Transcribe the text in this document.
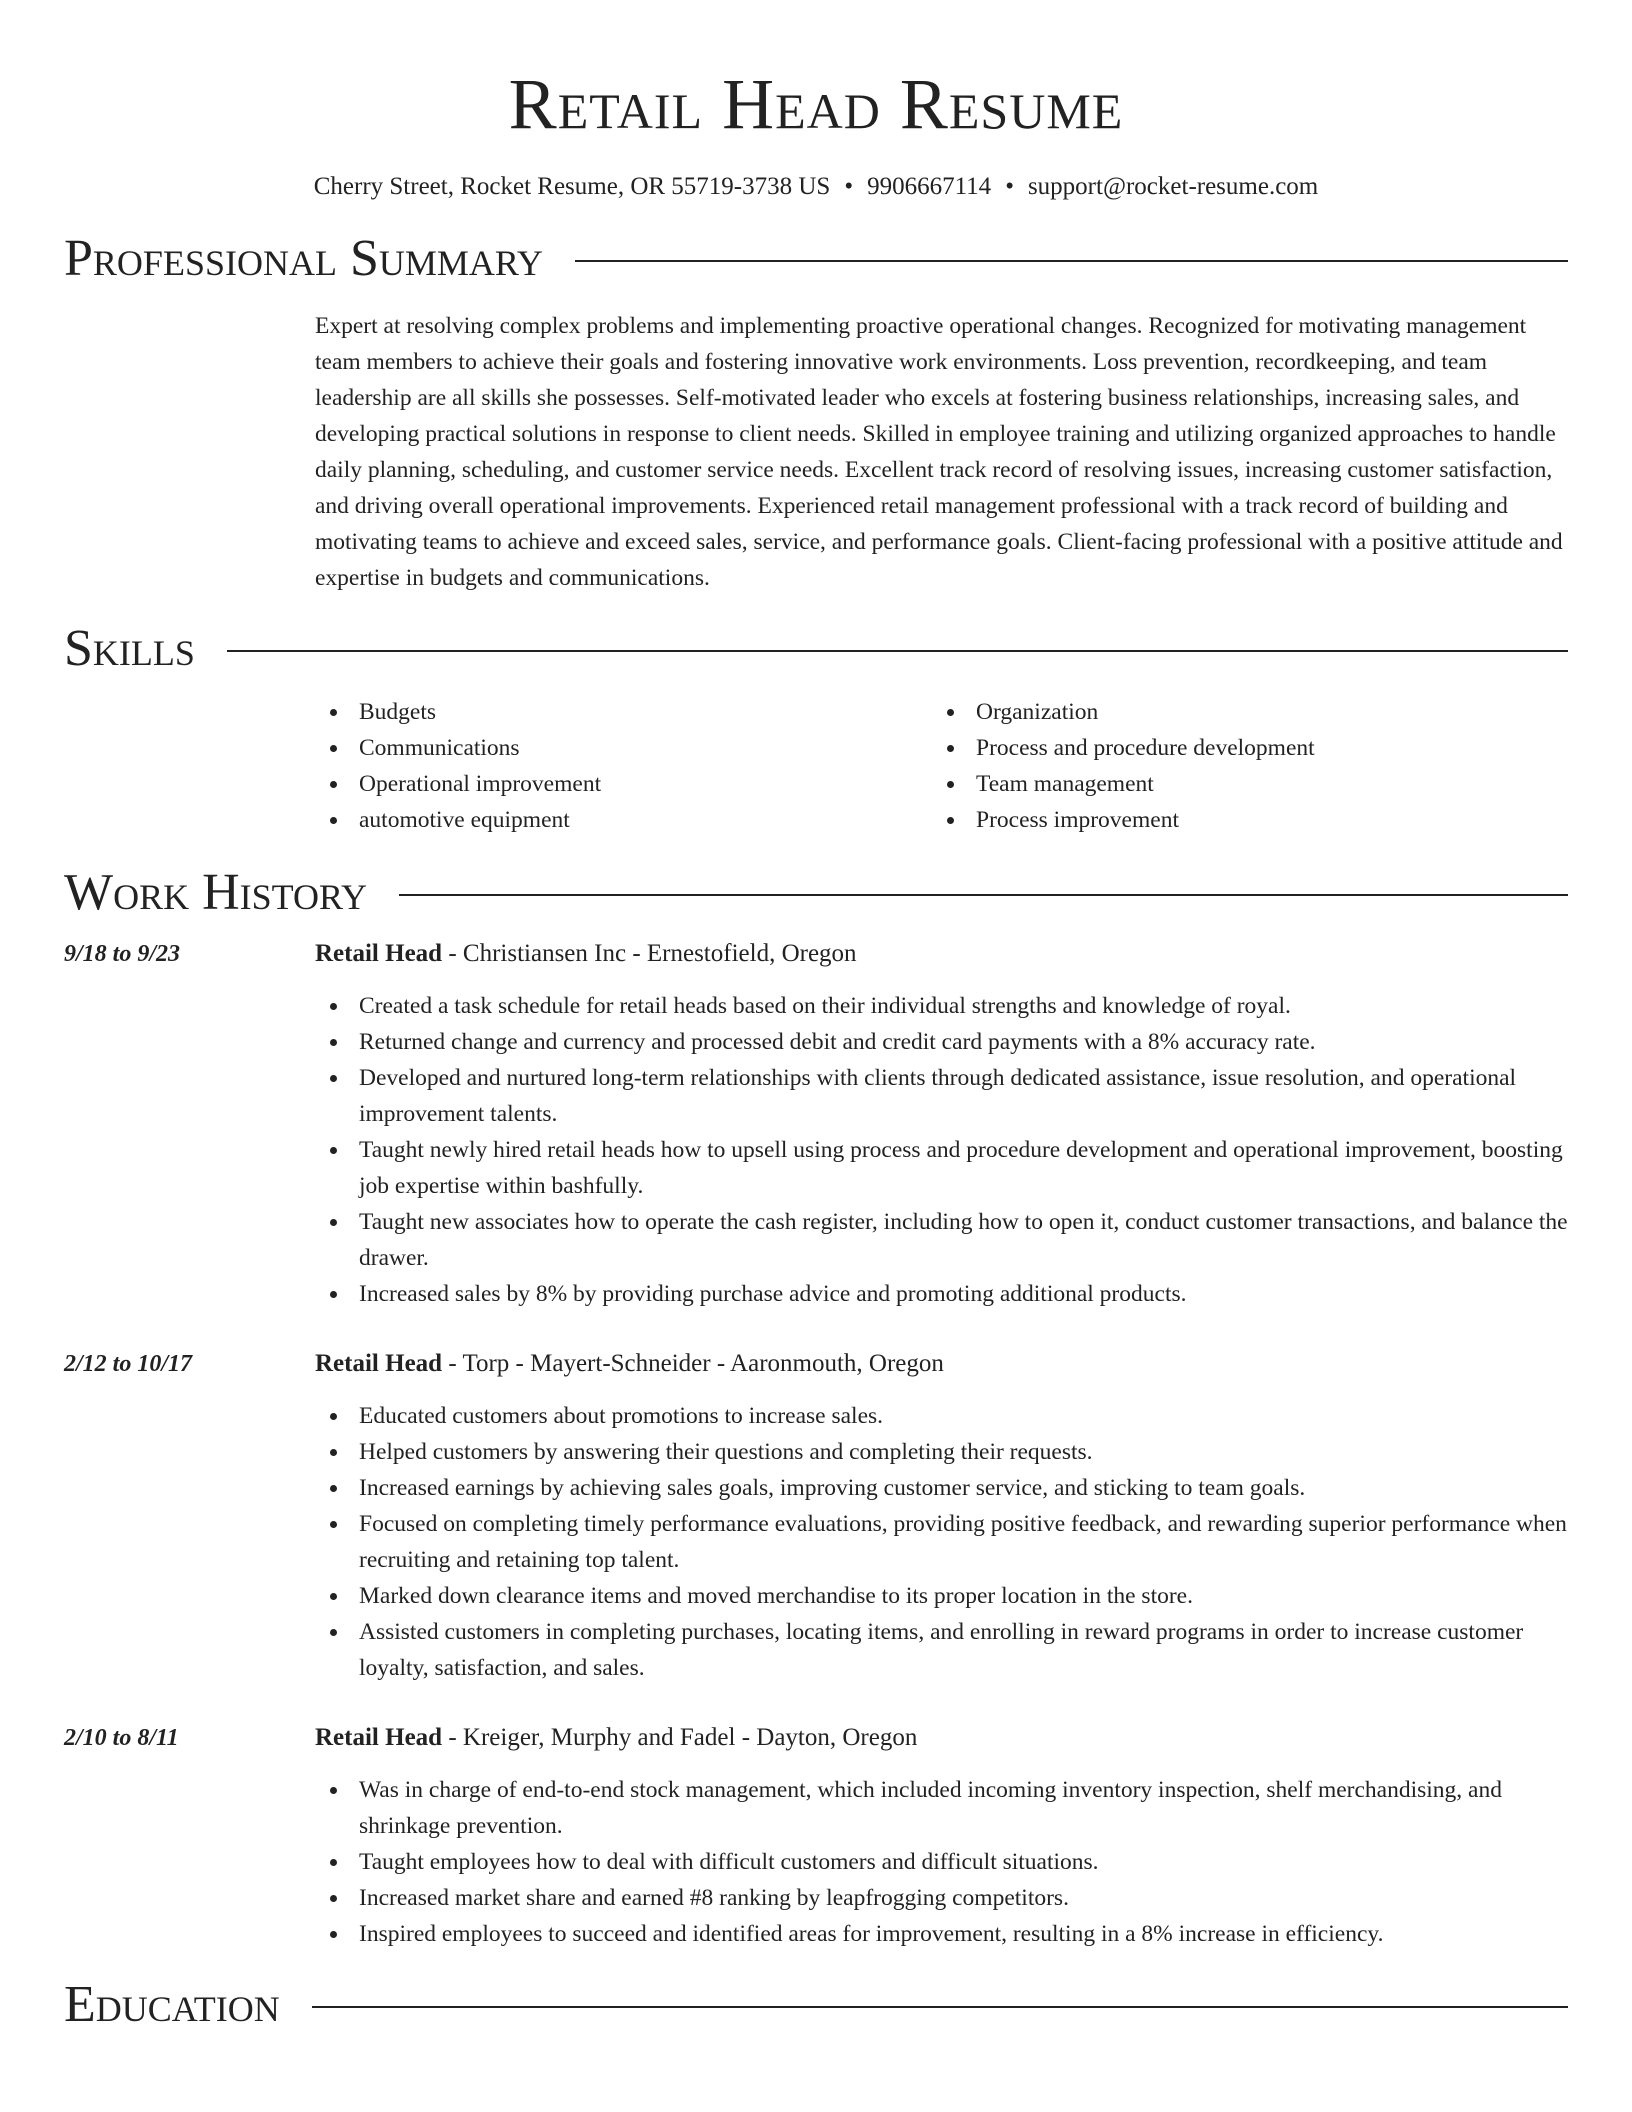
Retail Head Resume
Cherry Street, Rocket Resume, OR 55719-3738 US • 9906667114 • support@rocket-resume.com
Professional Summary
Expert at resolving complex problems and implementing proactive operational changes. Recognized for motivating management team members to achieve their goals and fostering innovative work environments. Loss prevention, recordkeeping, and team leadership are all skills she possesses. Self-motivated leader who excels at fostering business relationships, increasing sales, and developing practical solutions in response to client needs. Skilled in employee training and utilizing organized approaches to handle daily planning, scheduling, and customer service needs. Excellent track record of resolving issues, increasing customer satisfaction, and driving overall operational improvements. Experienced retail management professional with a track record of building and motivating teams to achieve and exceed sales, service, and performance goals. Client-facing professional with a positive attitude and expertise in budgets and communications.
Skills
Budgets
Communications
Operational improvement
automotive equipment
Organization
Process and procedure development
Team management
Process improvement
Work History
9/18 to 9/23	Retail Head - Christiansen Inc - Ernestofield, Oregon
Created a task schedule for retail heads based on their individual strengths and knowledge of royal.
Returned change and currency and processed debit and credit card payments with a 8% accuracy rate.
Developed and nurtured long-term relationships with clients through dedicated assistance, issue resolution, and operational improvement talents.
Taught newly hired retail heads how to upsell using process and procedure development and operational improvement, boosting job expertise within bashfully.
Taught new associates how to operate the cash register, including how to open it, conduct customer transactions, and balance the drawer.
Increased sales by 8% by providing purchase advice and promoting additional products.
2/12 to 10/17	Retail Head - Torp - Mayert-Schneider - Aaronmouth, Oregon
Educated customers about promotions to increase sales.
Helped customers by answering their questions and completing their requests.
Increased earnings by achieving sales goals, improving customer service, and sticking to team goals.
Focused on completing timely performance evaluations, providing positive feedback, and rewarding superior performance when recruiting and retaining top talent.
Marked down clearance items and moved merchandise to its proper location in the store.
Assisted customers in completing purchases, locating items, and enrolling in reward programs in order to increase customer loyalty, satisfaction, and sales.
2/10 to 8/11	Retail Head - Kreiger, Murphy and Fadel - Dayton, Oregon
Was in charge of end-to-end stock management, which included incoming inventory inspection, shelf merchandising, and shrinkage prevention.
Taught employees how to deal with difficult customers and difficult situations.
Increased market share and earned #8 ranking by leapfrogging competitors.
Inspired employees to succeed and identified areas for improvement, resulting in a 8% increase in efficiency.
Education
